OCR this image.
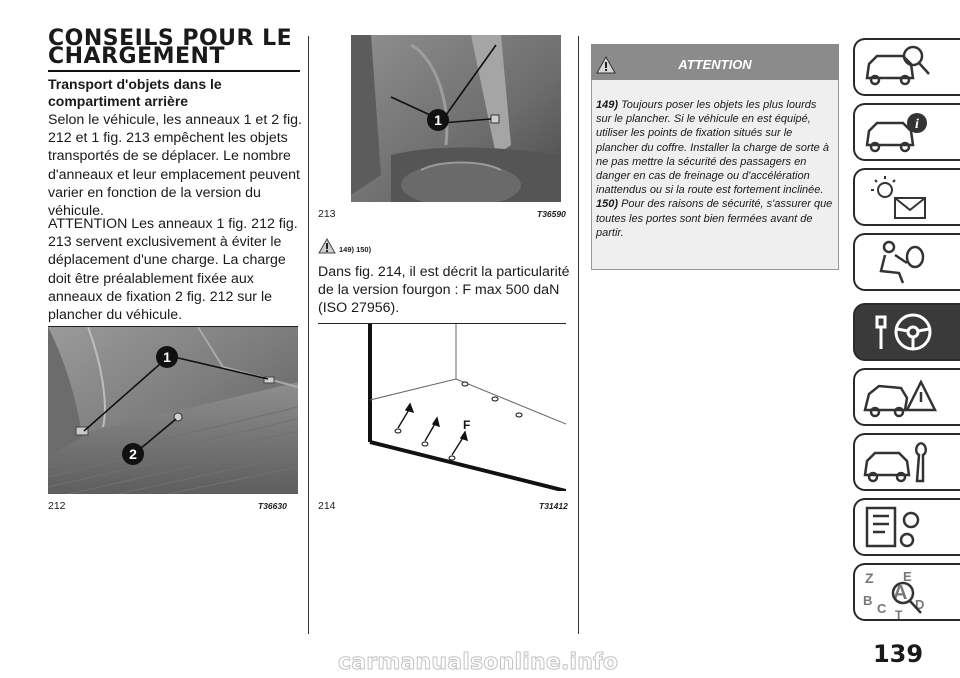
CONSEILS POUR LE CHARGEMENT
Transport d'objets dans le compartiment arrière

Selon le véhicule, les anneaux 1 et 2 fig. 212 et 1 fig. 213 empêchent les objets transportés de se déplacer. Le nombre d'anneaux et leur emplacement peuvent varier en fonction de la version du véhicule.

ATTENTION Les anneaux 1 fig. 212 fig. 213 servent exclusivement à éviter le déplacement d'une charge. La charge doit être préalablement fixée aux anneaux de fixation 2 fig. 212 sur le plancher du véhicule.

1
2
212	T36630
1
213	T36590
149) 150)

Dans fig. 214, il est décrit la particularité de la version fourgon : F max 500 daN (ISO 27956).

F
214	T31412
ATTENTION

149) Toujours poser les objets les plus lourds sur le plancher. Si le véhicule en est équipé, utiliser les points de fixation situés sur le plancher du coffre. Installer la charge de sorte à ne pas mettre la sécurité des passagers en danger en cas de freinage ou d'accélération inattendus ou si la route est fortement inclinée.
150) Pour des raisons de sécurité, s'assurer que toutes les portes sont bien fermées avant de partir.

i
Z E
B
C
A
D
T
139
carmanualsonline.info
